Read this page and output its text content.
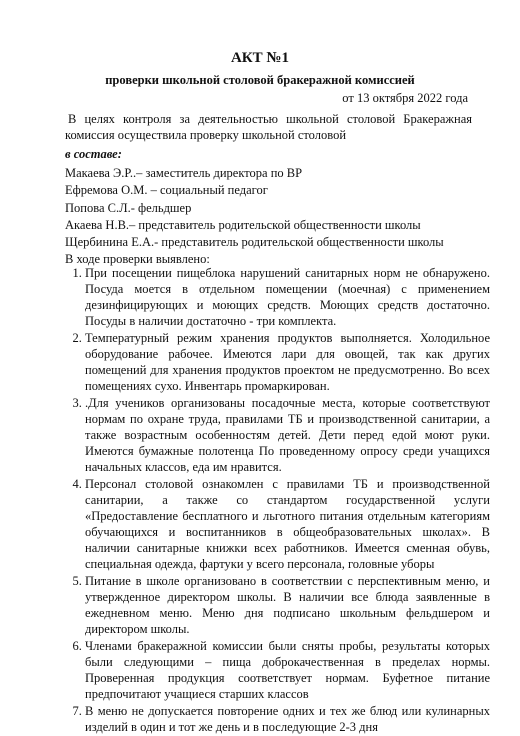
АКТ №1
проверки школьной столовой бракеражной комиссией
от 13 октября 2022 года
В целях контроля за деятельностью школьной столовой Бракеражная комиссия осуществила проверку школьной столовой
в составе:
Макаева Э.Р..– заместитель директора по ВР
Ефремова О.М. – социальный педагог
Попова С.Л.- фельдшер
Акаева Н.В.– представитель родительской общественности школы
Щербинина Е.А.- представитель родительской общественности школы
В ходе проверки выявлено:
1. При посещении пищеблока нарушений санитарных норм не обнаружено. Посуда моется в отдельном помещении (моечная) с применением дезинфицирующих и моющих средств. Моющих средств достаточно. Посуды в наличии достаточно - три комплекта.
2. Температурный режим хранения продуктов выполняется. Холодильное оборудование рабочее. Имеются лари для овощей, так как других помещений для хранения продуктов проектом не предусмотренно. Во всех помещениях сухо. Инвентарь промаркирован.
3. .Для учеников организованы посадочные места, которые соответствуют нормам по охране труда, правилами ТБ и производственной санитарии, а также возрастным особенностям детей. Дети перед едой моют руки. Имеются бумажные полотенца По проведенному опросу среди учащихся начальных классов, еда им нравится.
4. Персонал столовой ознакомлен с правилами ТБ и производственной санитарии, а также со стандартом государственной услуги «Предоставление бесплатного и льготного питания отдельным категориям обучающихся и воспитанников в общеобразовательных школах». В наличии санитарные книжки всех работников. Имеется сменная обувь, специальная одежда, фартуки у всего персонала, головные уборы
5. Питание в школе организовано в соответствии с перспективным меню, и утвержденное директором школы. В наличии все блюда заявленные в ежедневном меню. Меню дня подписано школьным фельдшером и директором школы.
6. Членами бракеражной комиссии были сняты пробы, результаты которых были следующими – пища доброкачественная в пределах нормы. Проверенная продукция соответствует нормам. Буфетное питание предпочитают учащиеся старших классов
7. В меню не допускается повторение одних и тех же блюд или кулинарных изделий в один и тот же день и в последующие 2-3 дня
